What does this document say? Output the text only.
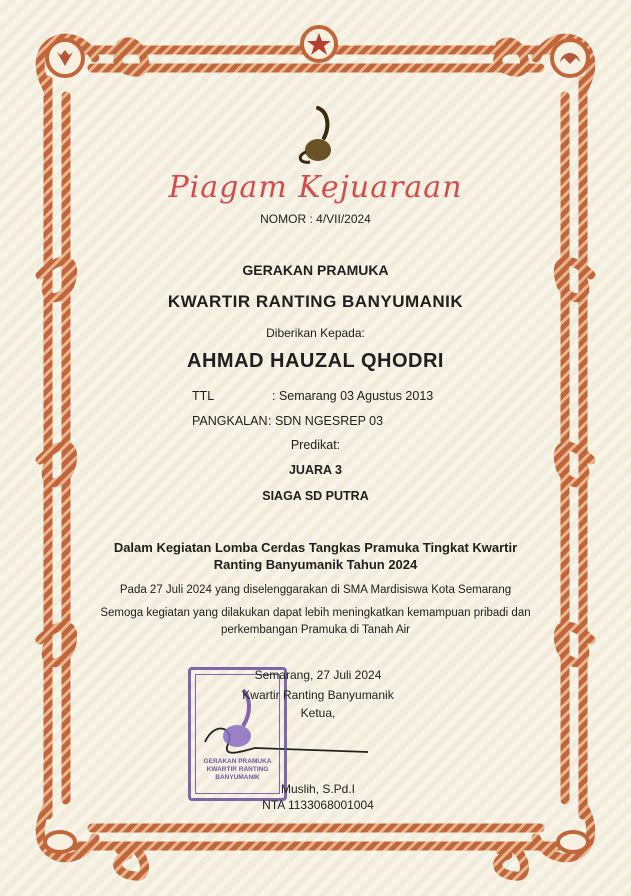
Piagam Kejuaraan
NOMOR : 4/VII/2024
GERAKAN PRAMUKA
KWARTIR RANTING BANYUMANIK
Diberikan Kepada:
AHMAD HAUZAL QHODRI
TTL	: Semarang 03 Agustus 2013
PANGKALAN : SDN NGESREP 03
Predikat:
JUARA 3
SIAGA SD PUTRA
Dalam Kegiatan Lomba Cerdas Tangkas Pramuka Tingkat Kwartir
Ranting Banyumanik Tahun 2024
Pada 27 Juli 2024 yang diselenggarakan di SMA Mardisiswa Kota Semarang
Semoga kegiatan yang dilakukan dapat lebih meningkatkan kemampuan pribadi dan
perkembangan Pramuka di Tanah Air
GERAKAN PRAMUKA
KWARTIR RANTING
BANYUMANIK
Semarang, 27 Juli 2024
Kwartir Ranting Banyumanik
Ketua,
Muslih, S.Pd.I
NTA 1133068001004
